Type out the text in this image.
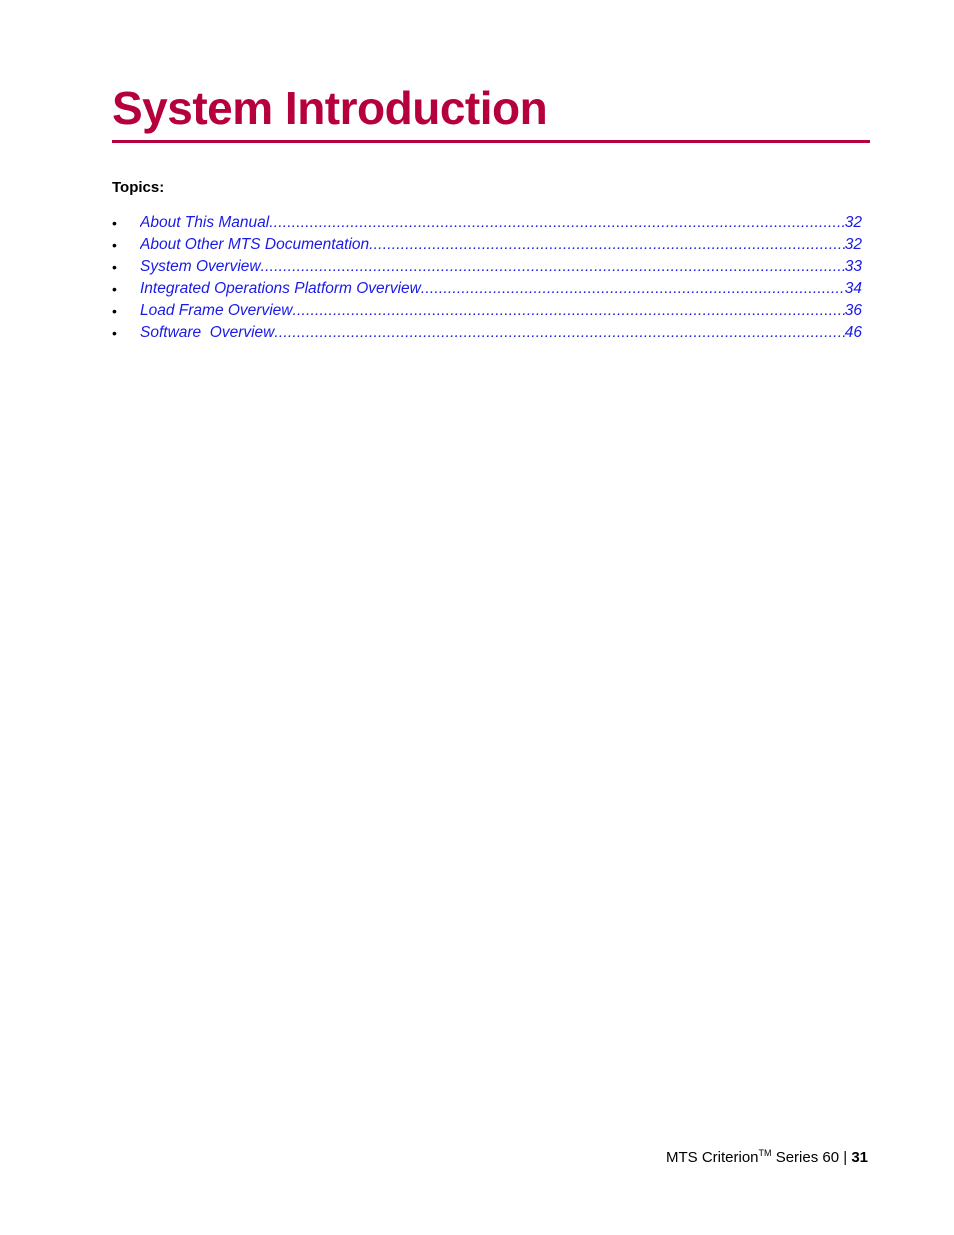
System Introduction

Topics:

•	About This Manual .....	32
•	About Other MTS Documentation .....	32
•	System Overview .....	33
•	Integrated Operations Platform Overview .....	34
•	Load Frame Overview .....	36
•	Software  Overview .....	46
MTS Criterion™ Series 60 | 31
